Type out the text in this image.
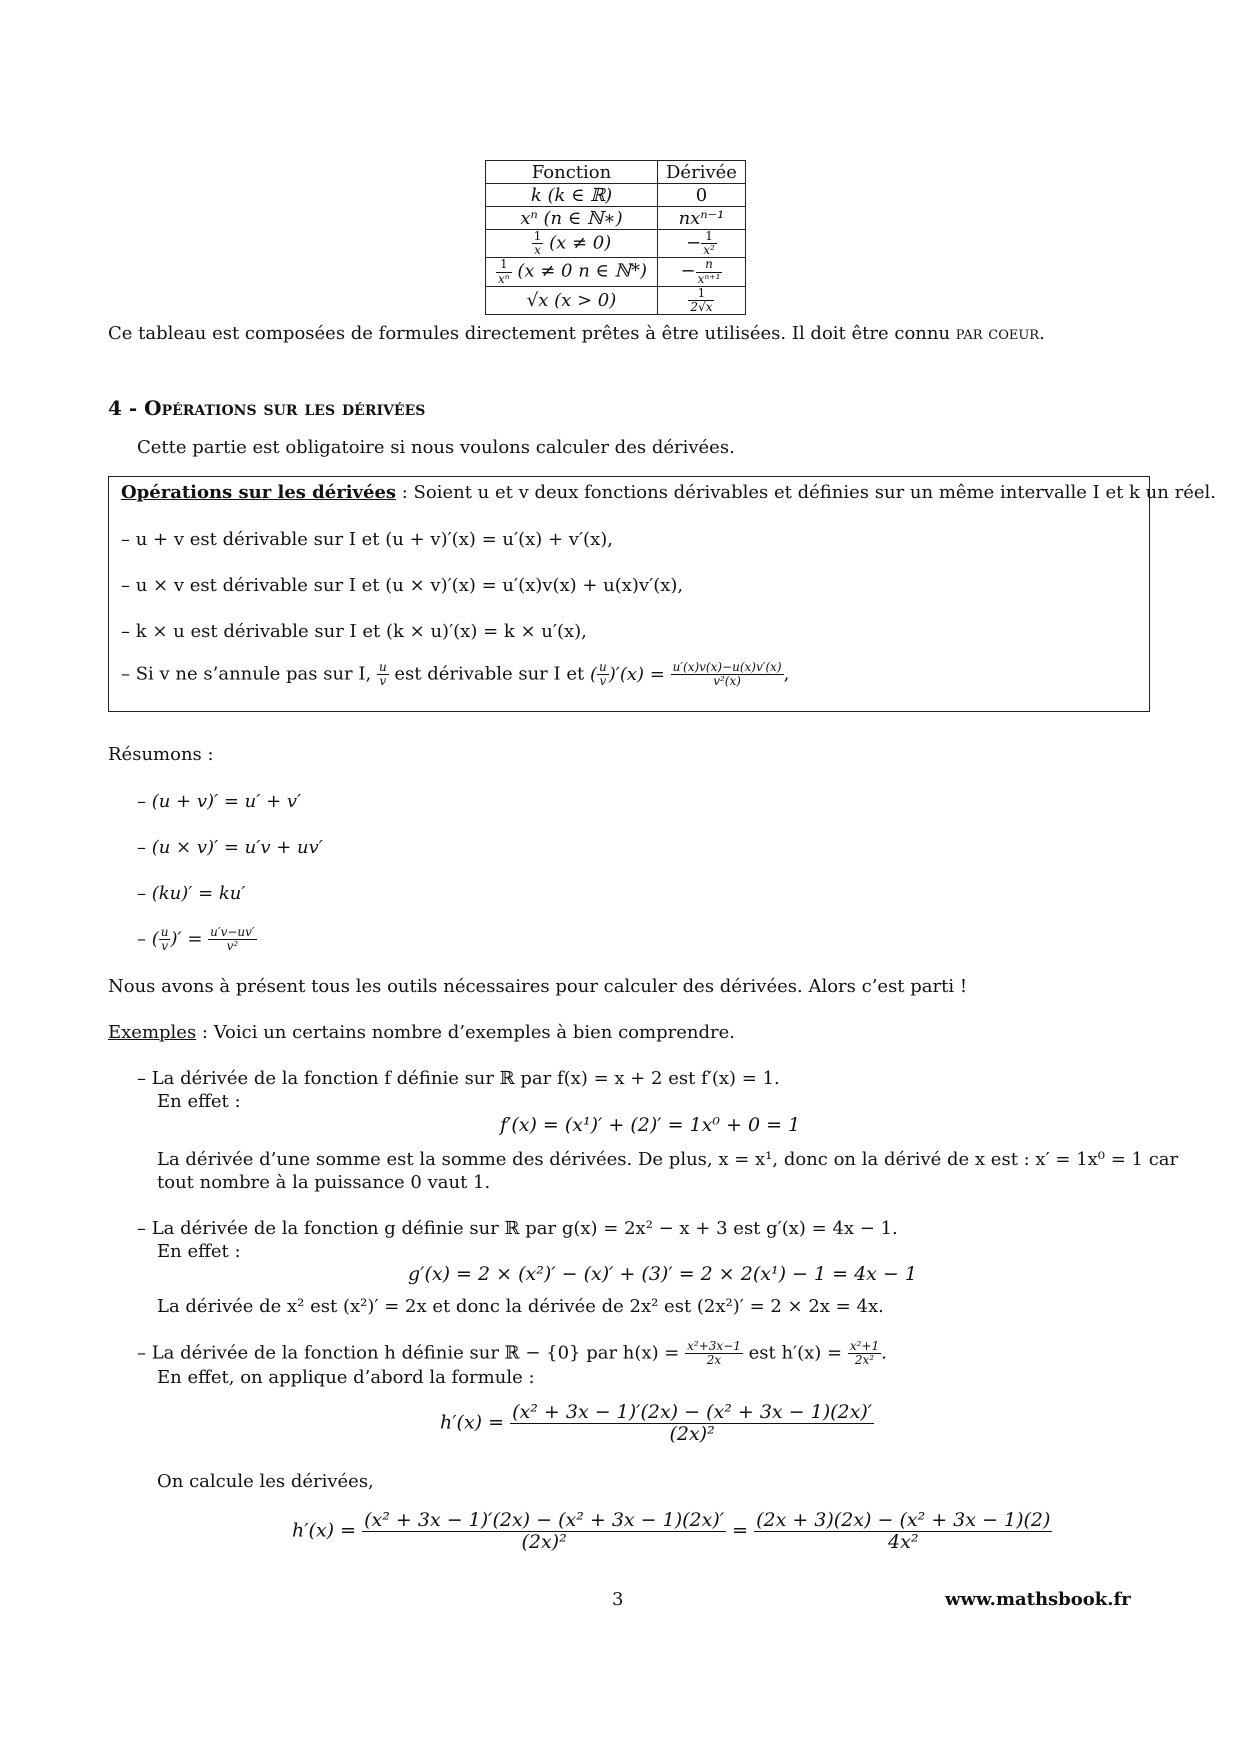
Fonction	Dérivée
k (k ∈ ℝ)	0
xⁿ (n ∈ ℕ∗)	nxⁿ⁻¹

$\frac{1}{x} (x \ne 0)$	− $\frac{1}{\text{x²}}$

$\frac{1}{\text{xⁿ}} (x \ne 0$ n ∈ ℕ*)	− $\frac{n}{\text{xⁿ⁺¹}}$

√x (x > 0)	$\frac{1}{2√x}$
Ce tableau est composées de formules directement prêtes à être utilisées. Il doit être connu par coeur.
4 - Opérations sur les dérivées
Cette partie est obligatoire si nous voulons calculer des dérivées.
Opérations sur les dérivées : Soient u et v deux fonctions dérivables et définies sur un même intervalle I et k un réel.
– u + v est dérivable sur I et (u + v)′(x) = u′(x) + v′(x),
– u × v est dérivable sur I et (u × v)′(x) = u′(x)v(x) + u(x)v′(x),
– k × u est dérivable sur I et (k × u)′(x) = k × u′(x),
– Si v ne s’annule pas sur I, $\frac{u}{v}$ est dérivable sur I et ( $\frac{u}{v} )'(x) = \frac{u'(x)v(x)-u(x)v'(x)}{\text{v²(x)}}$ ,
Résumons :
– (u + v)′ = u′ + v′
– (u × v)′ = u′v + uv′
– (ku)′ = ku′
– ( $\frac{u}{v}$ )′ = $\frac{u'v-uv'}{\text{v²}}$
Nous avons à présent tous les outils nécessaires pour calculer des dérivées. Alors c’est parti !
Exemples : Voici un certains nombre d’exemples à bien comprendre.
– La dérivée de la fonction f définie sur ℝ par f(x) = x + 2 est f′(x) = 1.
En effet :
f′(x) = (x¹)′ + (2)′ = 1x⁰ + 0 = 1
La dérivée d’une somme est la somme des dérivées. De plus, x = x¹, donc on la dérivé de x est : x′ = 1x⁰ = 1 car
tout nombre à la puissance 0 vaut 1.
– La dérivée de la fonction g définie sur ℝ par g(x) = 2x² − x + 3 est g′(x) = 4x − 1.
En effet :
g′(x) = 2 × (x²)′ − (x)′ + (3)′ = 2 × 2(x¹) − 1 = 4x − 1
La dérivée de x² est (x²)′ = 2x et donc la dérivée de 2x² est (2x²)′ = 2 × 2x = 4x.
– La dérivée de la fonction h définie sur ℝ − {0} par $h(x) = \frac{\text{x²+3x−1}}{2x}$ est $h'(x) = \frac{\text{x²+1}}{\text{2x²}}$ .
En effet, on applique d’abord la formule :
$h'(x) = \frac{\text{(x² + 3x − 1)′(2x) − (x² + 3x − 1)(2x)′}}{\text{(2x)²}}$
On calcule les dérivées,
$h'(x) = \frac{\text{(x² + 3x − 1)′(2x) − (x² + 3x − 1)(2x)′}}{\text{(2x)²}} = \frac{\text{(2x + 3)(2x) − (x² + 3x − 1)(2)}}{\text{4x²}}$
3	www.mathsbook.fr
